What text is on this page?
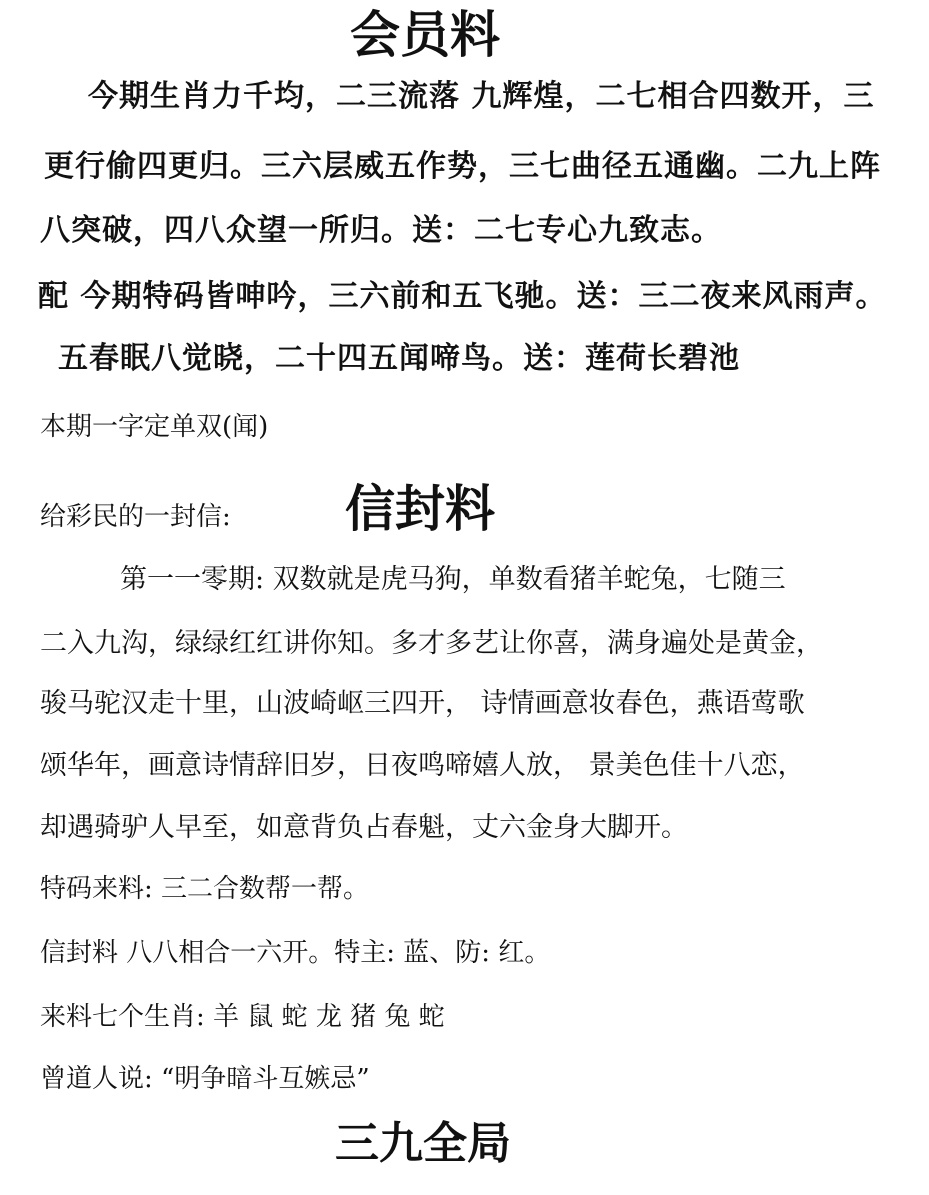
会员料
今期生肖力千均，二三流落 九辉煌，二七相合四数开，三
更行偷四更归。三六层威五作势，三七曲径五通幽。二九上阵
八突破，四八众望一所归。送：二七专心九致志。
配 今期特码皆呻吟，三六前和五飞驰。送：三二夜来风雨声。
五春眠八觉晓，二十四五闻啼鸟。送：莲荷长碧池
本期一字定单双(闻)
给彩民的一封信: 信封料
第一一零期: 双数就是虎马狗，单数看猪羊蛇兔，七随三
二入九沟，绿绿红红讲你知。多才多艺让你喜，满身遍处是黄金，
骏马驼汉走十里，山波崎岖三四开， 诗情画意妆春色，燕语莺歌
颂华年，画意诗情辞旧岁，日夜鸣啼嬉人放， 景美色佳十八恋，
却遇骑驴人早至，如意背负占春魁，丈六金身大脚开。
特码来料: 三二合数帮一帮。
信封料 八八相合一六开。特主: 蓝、防: 红。
来料七个生肖: 羊 鼠 蛇 龙 猪 兔 蛇
曾道人说: “明争暗斗互嫉忌”
三九全局
